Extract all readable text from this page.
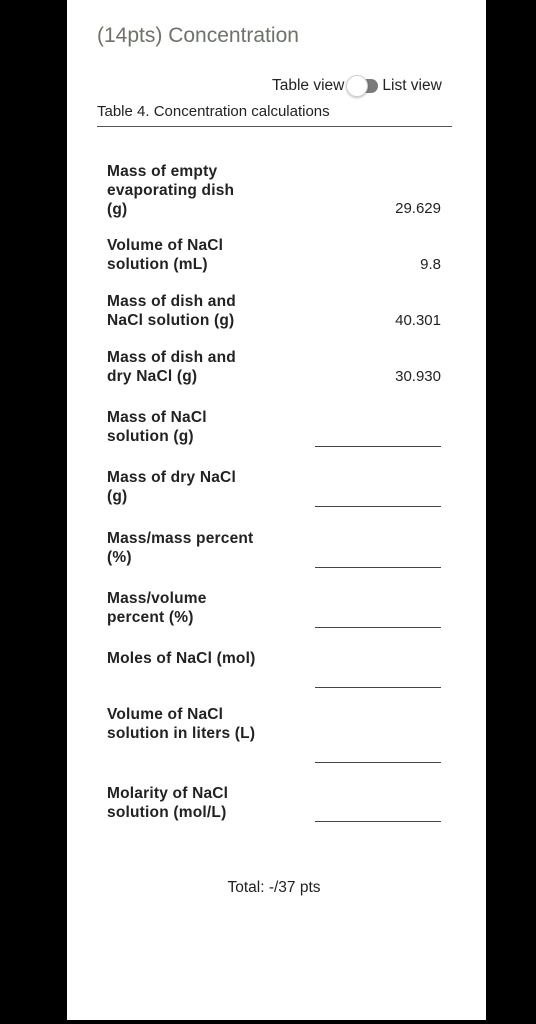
(14pts) Concentration
Table view List view
Table 4. Concentration calculations
Mass of empty evaporating dish (g)	29.629
Volume of NaCl solution (mL)	9.8
Mass of dish and NaCl solution (g)	40.301
Mass of dish and dry NaCl (g)	30.930
Mass of NaCl solution (g)
Mass of dry NaCl (g)
Mass/mass percent (%)
Mass/volume percent (%)
Moles of NaCl (mol)
Volume of NaCl solution in liters (L)
Molarity of NaCl solution (mol/L)
Total: -/37 pts
